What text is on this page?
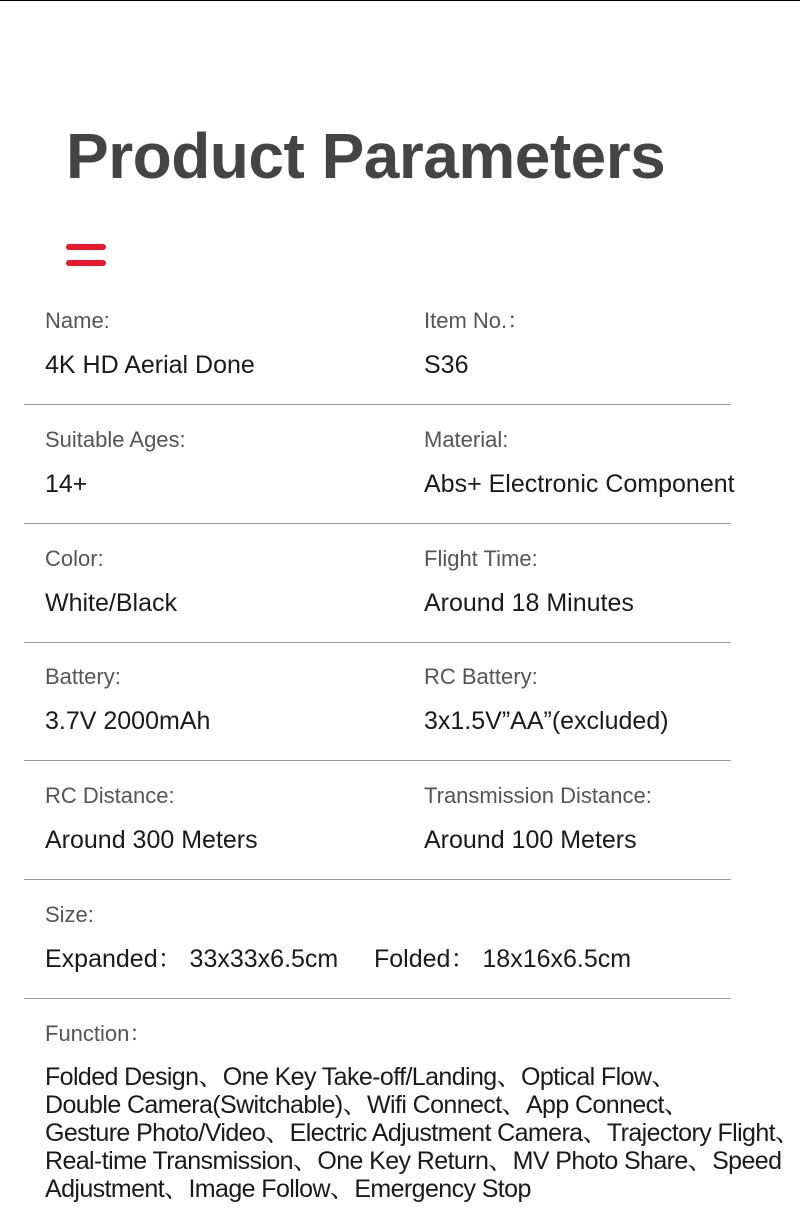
Product Parameters
Name:
4K HD Aerial Done
Item No.：
S36
Suitable Ages:
14+
Material:
Abs+ Electronic Component
Color:
White/Black
Flight Time:
Around 18 Minutes
Battery:
3.7V 2000mAh
RC Battery:
3x1.5V”AA”(excluded)
RC Distance:
Around 300 Meters
Transmission Distance:
Around 100 Meters
Size:
Expanded： 33x33x6.5cm Folded： 18x16x6.5cm
Function：
Folded Design、One Key Take-off/Landing、Optical Flow、
Double Camera(Switchable)、Wifi Connect、App Connect、
Gesture Photo/Video、Electric Adjustment Camera、Trajectory Flight、
Real-time Transmission、One Key Return、MV Photo Share、Speed
Adjustment、Image Follow、Emergency Stop
